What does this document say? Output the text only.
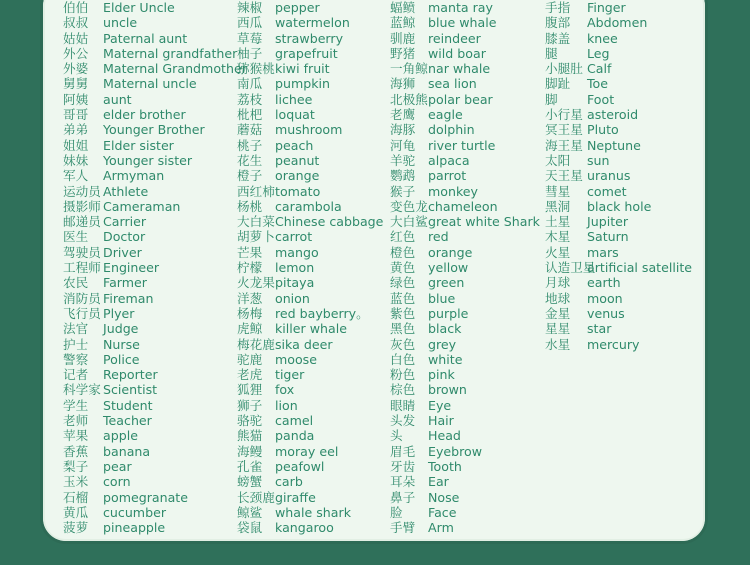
伯伯 Elder Uncle
叔叔 uncle
姑姑 Paternal aunt
外公 Maternal grandfather
外婆 Maternal Grandmother
舅舅 Maternal uncle
阿姨 aunt
哥哥 elder brother
弟弟 Younger Brother
姐姐 Elder sister
妹妹 Younger sister
军人 Armyman
运动员 Athlete
摄影师 Cameraman
邮递员 Carrier
医生 Doctor
驾驶员 Driver
工程师 Engineer
农民 Farmer
消防员 Fireman
飞行员 Plyer
法官 Judge
护士 Nurse
警察 Police
记者 Reporter
科学家 Scientist
学生 Student
老师 Teacher
苹果 apple
香蕉 banana
梨子 pear
玉米 corn
石榴 pomegranate
黄瓜 cucumber
菠萝 pineapple
辣椒 pepper
西瓜 watermelon
草莓 strawberry
柚子 grapefruit
猕猴桃 kiwi fruit
南瓜 pumpkin
荔枝 lichee
枇杷 loquat
蘑菇 mushroom
桃子 peach
花生 peanut
橙子 orange
西红柿 tomato
杨桃 carambola
大白菜 Chinese cabbage
胡萝卜 carrot
芒果 mango
柠檬 lemon
火龙果 pitaya
洋葱 onion
杨梅 red bayberry。
虎鲸 killer whale
梅花鹿 sika deer
驼鹿 moose
老虎 tiger
狐狸 fox
狮子 lion
骆驼 camel
熊猫 panda
海鳗 moray eel
孔雀 peafowl
螃蟹 carb
长颈鹿 giraffe
鲸鲨 whale shark
袋鼠 kangaroo
蝠鲼 manta ray
蓝鲸 blue whale
驯鹿 reindeer
野猪 wild boar
一角鲸 nar whale
海狮 sea lion
北极熊 polar bear
老鹰 eagle
海豚 dolphin
河龟 river turtle
羊驼 alpaca
鹦鹉 parrot
猴子 monkey
变色龙 chameleon
大白鲨 great white Shark
红色 red
橙色 orange
黄色 yellow
绿色 green
蓝色 blue
紫色 purple
黑色 black
灰色 grey
白色 white
粉色 pink
棕色 brown
眼睛 Eye
头发 Hair
头 Head
眉毛 Eyebrow
牙齿 Tooth
耳朵 Ear
鼻子 Nose
脸 Face
手臂 Arm
手指 Finger
腹部 Abdomen
膝盖 knee
腿 Leg
小腿肚 Calf
脚趾 Toe
脚 Foot
小行星 asteroid
冥王星 Pluto
海王星 Neptune
太阳 sun
天王星 uranus
彗星 comet
黑洞 black hole
土星 Jupiter
木星 Saturn
火星 mars
认造卫星
artificial satellite
月球 earth
地球 moon
金星 venus
星星 star
水星 mercury
